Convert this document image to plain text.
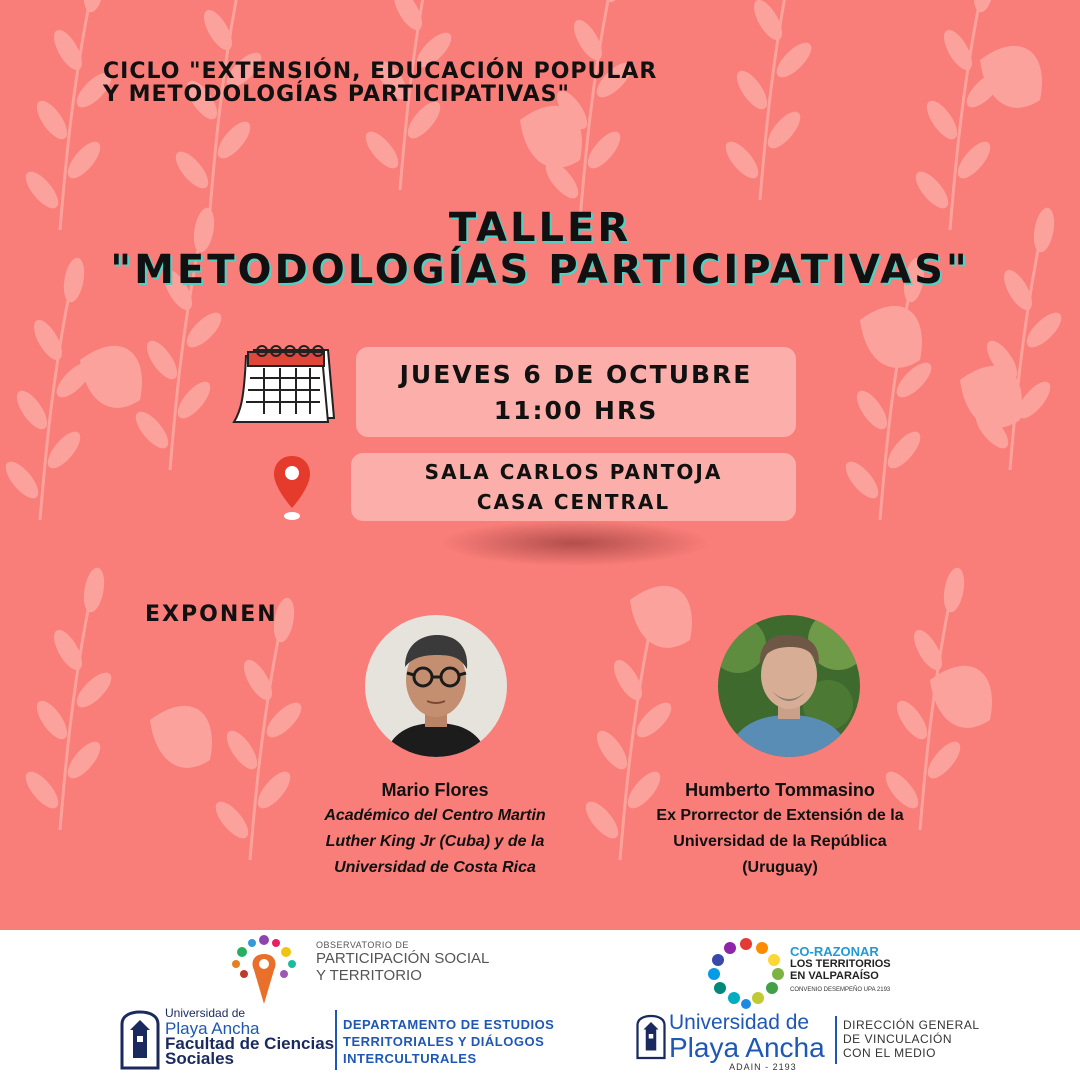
CICLO "EXTENSIÓN, EDUCACIÓN POPULAR
Y METODOLOGÍAS PARTICIPATIVAS"
TALLER
"METODOLOGÍAS PARTICIPATIVAS"
JUEVES 6 DE OCTUBRE
11:00 HRS
SALA CARLOS PANTOJA
CASA CENTRAL
EXPONEN
Mario Flores
Académico del Centro Martin
Luther King Jr (Cuba) y de la
Universidad de Costa Rica
Humberto Tommasino
Ex Prorrector de Extensión de la
Universidad de la República
(Uruguay)
OBSERVATORIO DE
PARTICIPACIÓN SOCIAL
Y TERRITORIO
Universidad de
Playa Ancha
Facultad de Ciencias
Sociales
DEPARTAMENTO DE ESTUDIOS
TERRITORIALES Y DIÁLOGOS
INTERCULTURALES
CO-RAZONAR
LOS TERRITORIOS
EN VALPARAÍSO
CONVENIO DESEMPEÑO UPA 2193
Universidad de
Playa Ancha
ADAIN - 2193
DIRECCIÓN GENERAL
DE VINCULACIÓN
CON EL MEDIO
